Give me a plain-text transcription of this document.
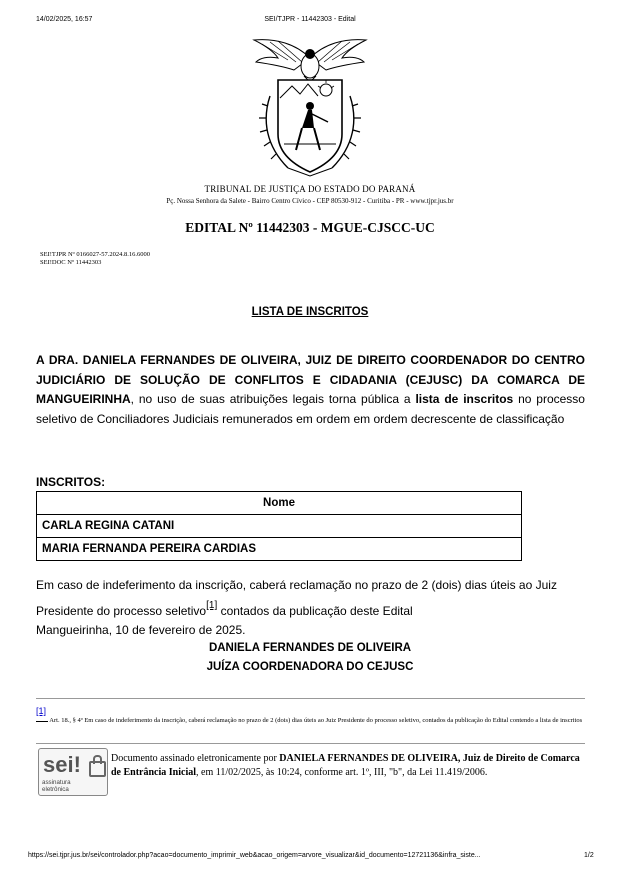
14/02/2025, 16:57	SEI/TJPR - 11442303 - Edital
TRIBUNAL DE JUSTIÇA DO ESTADO DO PARANÁ
Pç. Nossa Senhora da Salete - Bairro Centro Cívico - CEP 80530-912 - Curitiba - PR - www.tjpr.jus.br
EDITAL Nº 11442303 - MGUE-CJSCC-UC
SEI!TJPR Nº 0166027-57.2024.8.16.6000
SEI!DOC Nº 11442303
LISTA DE INSCRITOS
A DRA. DANIELA FERNANDES DE OLIVEIRA, JUIZ DE DIREITO COORDENADOR DO CENTRO JUDICIÁRIO DE SOLUÇÃO DE CONFLITOS E CIDADANIA (CEJUSC) DA COMARCA DE MANGUEIRINHA, no uso de suas atribuições legais torna pública a lista de inscritos no processo seletivo de Conciliadores Judiciais remunerados em ordem em ordem decrescente de classificação
INSCRITOS:
Nome
CARLA REGINA CATANI
MARIA FERNANDA PEREIRA CARDIAS
Em caso de indeferimento da inscrição, caberá reclamação no prazo de 2 (dois) dias úteis ao Juiz
Presidente do processo seletivo[1] contados da publicação deste Edital
Mangueirinha, 10 de fevereiro de 2025.
DANIELA FERNANDES DE OLIVEIRA
JUÍZA COORDENADORA DO CEJUSC
[1]
Art. 18., § 4º Em caso de indeferimento da inscrição, caberá reclamação no prazo de 2 (dois) dias úteis ao Juiz Presidente do processo seletivo, contados da publicação do Edital contendo a lista de inscritos
sei!
assinatura
eletrônica
Documento assinado eletronicamente por DANIELA FERNANDES DE OLIVEIRA, Juiz de Direito de Comarca de Entrância Inicial, em 11/02/2025, às 10:24, conforme art. 1º, III, "b", da Lei 11.419/2006.
https://sei.tjpr.jus.br/sei/controlador.php?acao=documento_imprimir_web&acao_origem=arvore_visualizar&id_documento=12721136&infra_siste...	1/2
